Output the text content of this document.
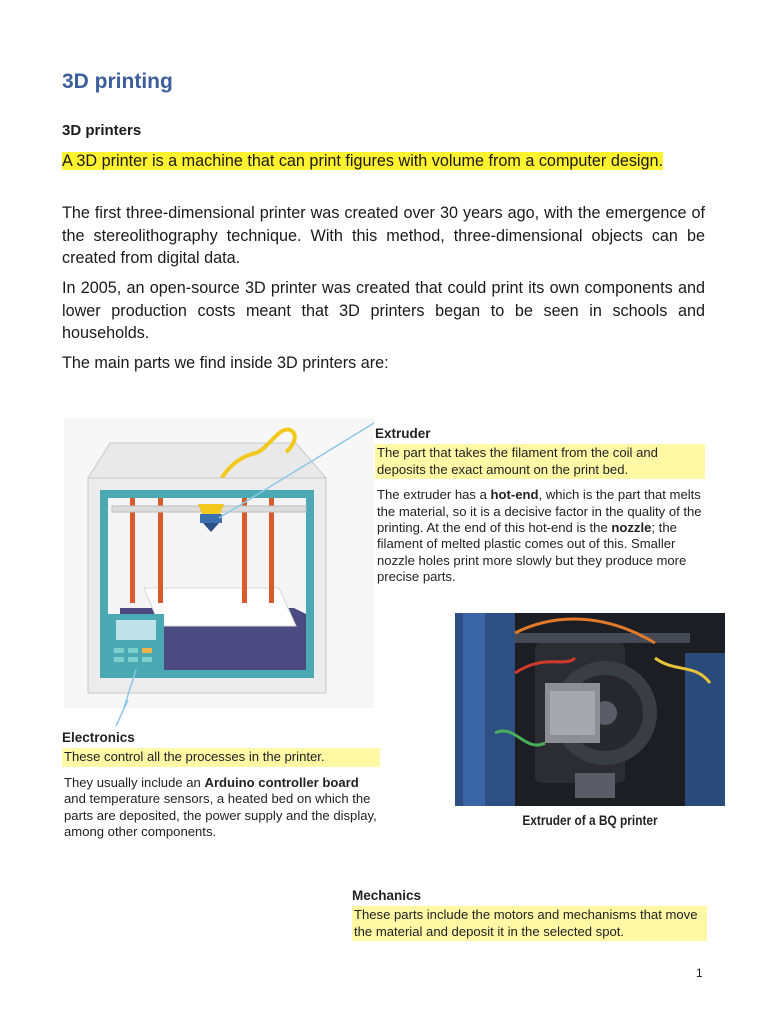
3D printing
3D printers
A 3D printer is a machine that can print figures with volume from a computer design.
The first three-dimensional printer was created over 30 years ago, with the emergence of the stereolithography technique. With this method, three-dimensional objects can be created from digital data.
In 2005, an open-source 3D printer was created that could print its own components and lower production costs meant that 3D printers began to be seen in schools and households.
The main parts we find inside 3D printers are:
Extruder
The part that takes the filament from the coil and deposits the exact amount on the print bed.
The extruder has a hot-end, which is the part that melts the material, so it is a decisive factor in the quality of the printing. At the end of this hot-end is the nozzle; the filament of melted plastic comes out of this. Smaller nozzle holes print more slowly but they produce more precise parts.
Extruder of a BQ printer
Electronics
These control all the processes in the printer.
They usually include an Arduino controller board and temperature sensors, a heated bed on which the parts are deposited, the power supply and the display, among other components.
Mechanics
These parts include the motors and mechanisms that move the material and deposit it in the selected spot.
1
